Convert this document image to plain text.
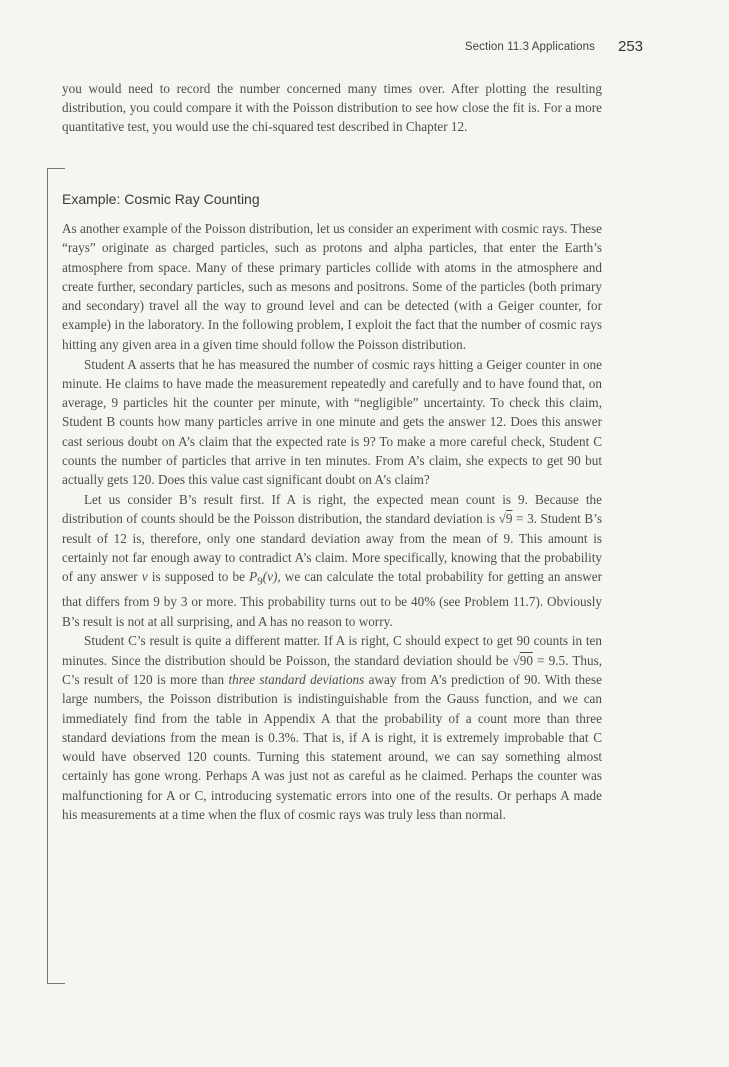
Section 11.3 Applications 253

you would need to record the number concerned many times over. After plotting the resulting distribution, you could compare it with the Poisson distribution to see how close the fit is. For a more quantitative test, you would use the chi-squared test described in Chapter 12.

Example: Cosmic Ray Counting

As another example of the Poisson distribution, let us consider an experiment with cosmic rays. These “rays” originate as charged particles, such as protons and alpha particles, that enter the Earth’s atmosphere from space. Many of these primary particles collide with atoms in the atmosphere and create further, secondary particles, such as mesons and positrons. Some of the particles (both primary and secondary) travel all the way to ground level and can be detected (with a Geiger counter, for example) in the laboratory. In the following problem, I exploit the fact that the number of cosmic rays hitting any given area in a given time should follow the Poisson distribution.

Student A asserts that he has measured the number of cosmic rays hitting a Geiger counter in one minute. He claims to have made the measurement repeatedly and carefully and to have found that, on average, 9 particles hit the counter per minute, with “negligible” uncertainty. To check this claim, Student B counts how many particles arrive in one minute and gets the answer 12. Does this answer cast serious doubt on A’s claim that the expected rate is 9? To make a more careful check, Student C counts the number of particles that arrive in ten minutes. From A’s claim, she expects to get 90 but actually gets 120. Does this value cast significant doubt on A’s claim?

Let us consider B’s result first. If A is right, the expected mean count is 9. Because the distribution of counts should be the Poisson distribution, the standard deviation is √9 = 3. Student B’s result of 12 is, therefore, only one standard deviation away from the mean of 9. This amount is certainly not far enough away to contradict A’s claim. More specifically, knowing that the probability of any answer ν is supposed to be $P_9(\nu)$, we can calculate the total probability for getting an answer that differs from 9 by 3 or more. This probability turns out to be 40% (see Problem 11.7). Obviously B’s result is not at all surprising, and A has no reason to worry.

Student C’s result is quite a different matter. If A is right, C should expect to get 90 counts in ten minutes. Since the distribution should be Poisson, the standard deviation should be √90 = 9.5. Thus, C’s result of 120 is more than three standard deviations away from A’s prediction of 90. With these large numbers, the Poisson distribution is indistinguishable from the Gauss function, and we can immediately find from the table in Appendix A that the probability of a count more than three standard deviations from the mean is 0.3%. That is, if A is right, it is extremely improbable that C would have observed 120 counts. Turning this statement around, we can say something almost certainly has gone wrong. Perhaps A was just not as careful as he claimed. Perhaps the counter was malfunctioning for A or C, introducing systematic errors into one of the results. Or perhaps A made his measurements at a time when the flux of cosmic rays was truly less than normal.
